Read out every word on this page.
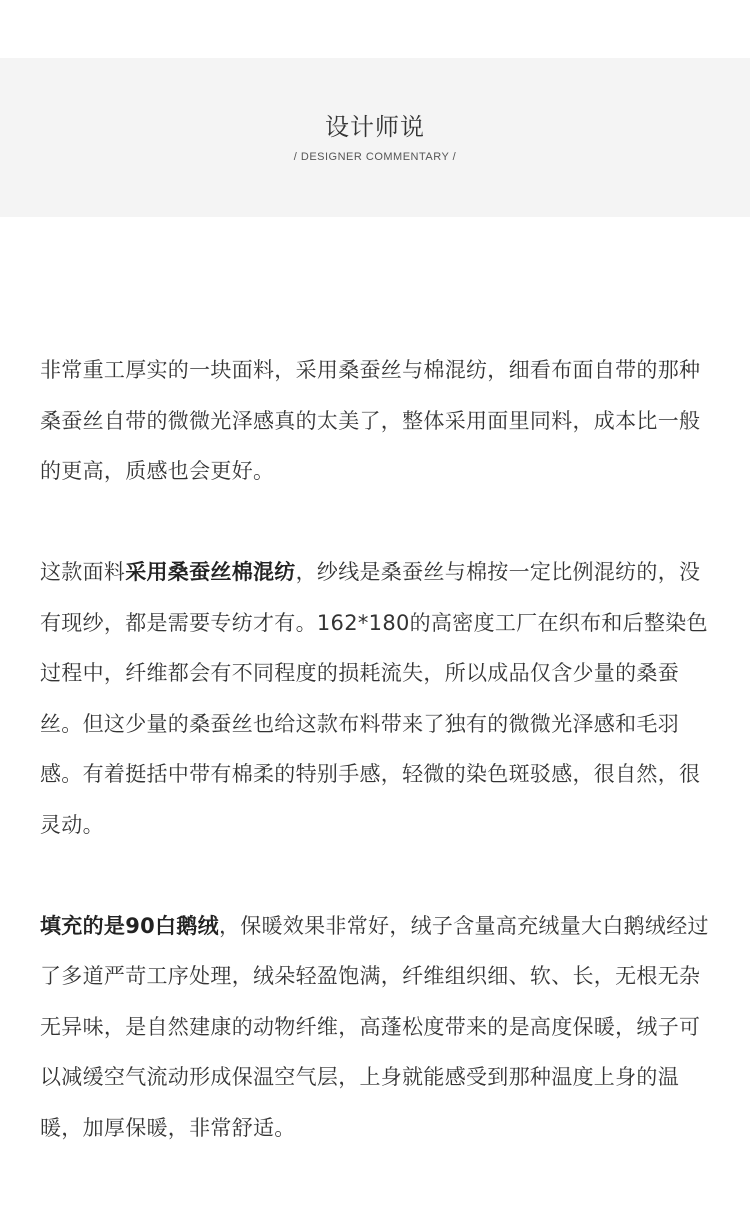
设计师说
/ DESIGNER COMMENTARY /

非常重工厚实的一块面料，采用桑蚕丝与棉混纺，细看布面自带的那种桑蚕丝自带的微微光泽感真的太美了，整体采用面里同料，成本比一般的更高，质感也会更好。

这款面料采用桑蚕丝棉混纺，纱线是桑蚕丝与棉按一定比例混纺的，没有现纱，都是需要专纺才有。162*180的高密度工厂在织布和后整染色过程中，纤维都会有不同程度的损耗流失，所以成品仅含少量的桑蚕丝。但这少量的桑蚕丝也给这款布料带来了独有的微微光泽感和毛羽感。有着挺括中带有棉柔的特别手感，轻微的染色斑驳感，很自然，很灵动。

填充的是90白鹅绒，保暖效果非常好，绒子含量高充绒量大白鹅绒经过了多道严苛工序处理，绒朵轻盈饱满，纤维组织细、软、长，无根无杂无异味，是自然建康的动物纤维，高蓬松度带来的是高度保暖，绒子可以减缓空气流动形成保温空气层，上身就能感受到那种温度上身的温暖，加厚保暖，非常舒适。
